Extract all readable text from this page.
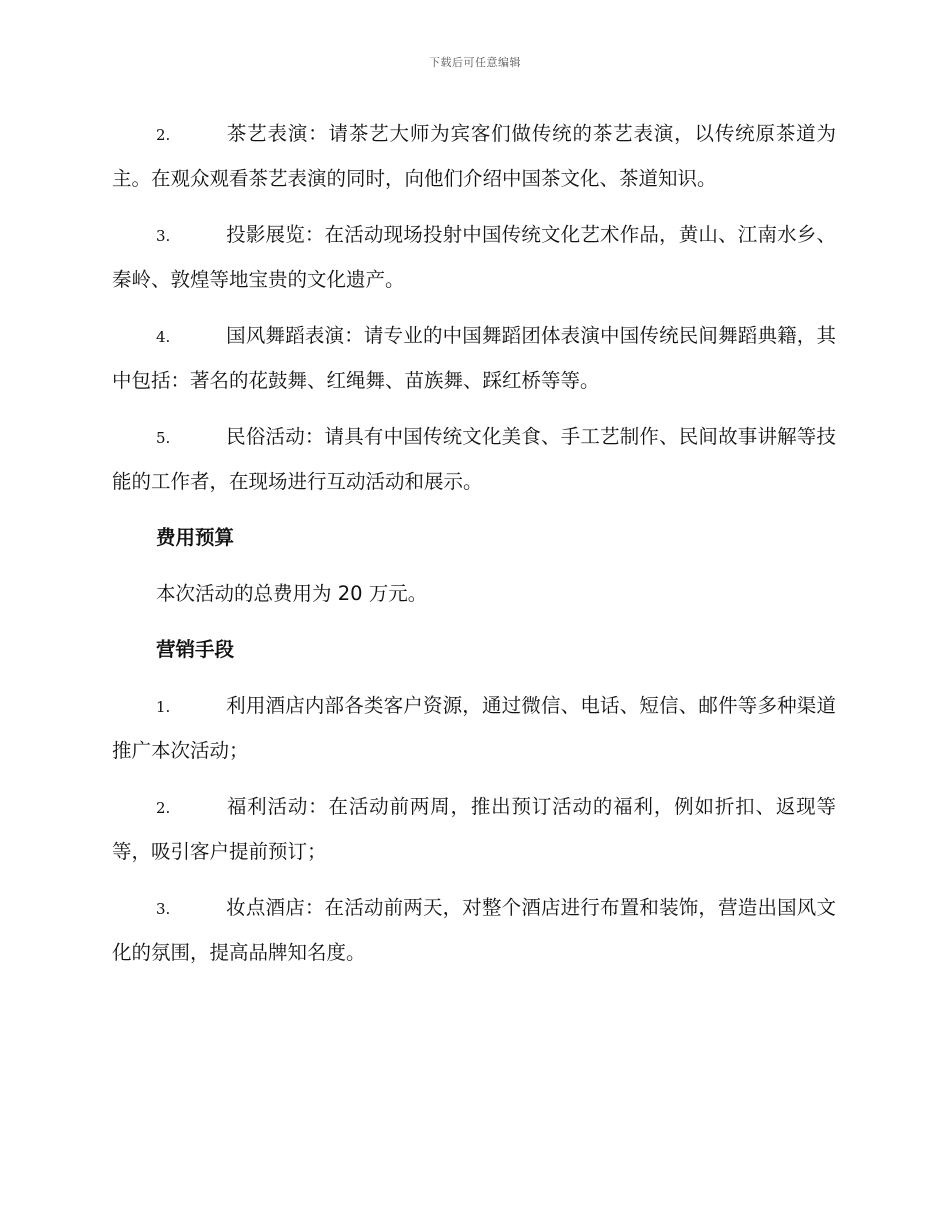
下载后可任意编辑
2.	茶艺表演：请茶艺大师为宾客们做传统的茶艺表演，以传统原茶道为主。在观众观看茶艺表演的同时，向他们介绍中国茶文化、茶道知识。
3.	投影展览：在活动现场投射中国传统文化艺术作品，黄山、江南水乡、秦岭、敦煌等地宝贵的文化遗产。
4.	国风舞蹈表演：请专业的中国舞蹈团体表演中国传统民间舞蹈典籍，其中包括：著名的花鼓舞、红绳舞、苗族舞、踩红桥等等。
5.	民俗活动：请具有中国传统文化美食、手工艺制作、民间故事讲解等技能的工作者，在现场进行互动活动和展示。
费用预算
本次活动的总费用为 20 万元。
营销手段
1.	利用酒店内部各类客户资源，通过微信、电话、短信、邮件等多种渠道推广本次活动；
2.	福利活动：在活动前两周，推出预订活动的福利，例如折扣、返现等等，吸引客户提前预订；
3.	妆点酒店：在活动前两天，对整个酒店进行布置和装饰，营造出国风文化的氛围，提高品牌知名度。
